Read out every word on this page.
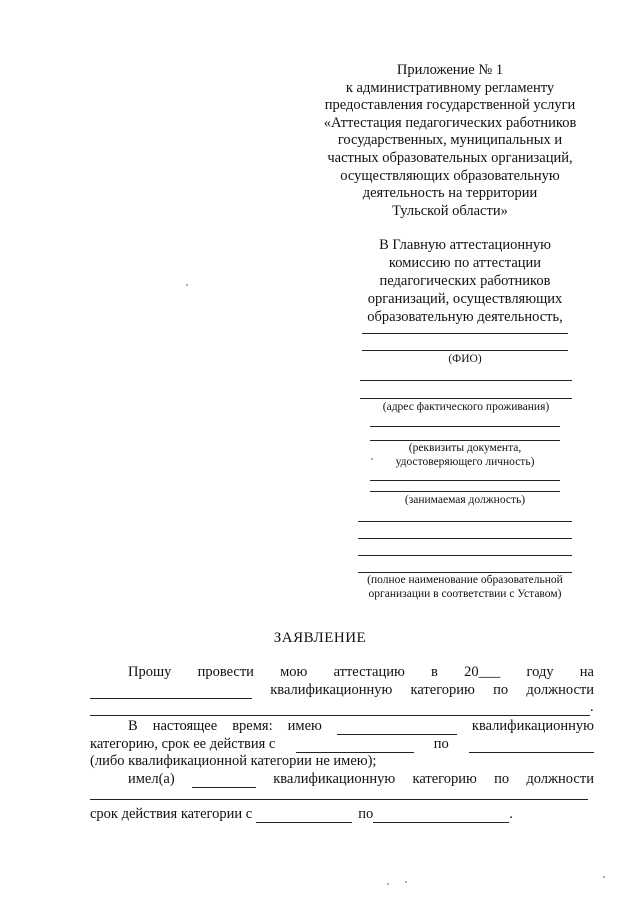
Приложение № 1
к административному регламенту
предоставления государственной услуги
«Аттестация педагогических работников
государственных, муниципальных и
частных образовательных организаций,
осуществляющих образовательную
деятельность на территории
Тульской области»
В Главную аттестационную
комиссию по аттестации
педагогических работников
организаций, осуществляющих
образовательную деятельность,
(ФИО)
(адрес фактического проживания)
(реквизиты документа,
удостоверяющего личность)
(занимаемая должность)
(полное наименование образовательной
организации в соответствии с Уставом)
ЗАЯВЛЕНИЕ
Прошу провести мою аттестацию в 20___ году на
квалификационную категорию по должности
.
В настоящее время: имею	квалификационную
категорию, срок ее действия с	по
(либо квалификационной категории не имею);
имел(а)	квалификационную категорию по должности
срок действия категории с	по	.
